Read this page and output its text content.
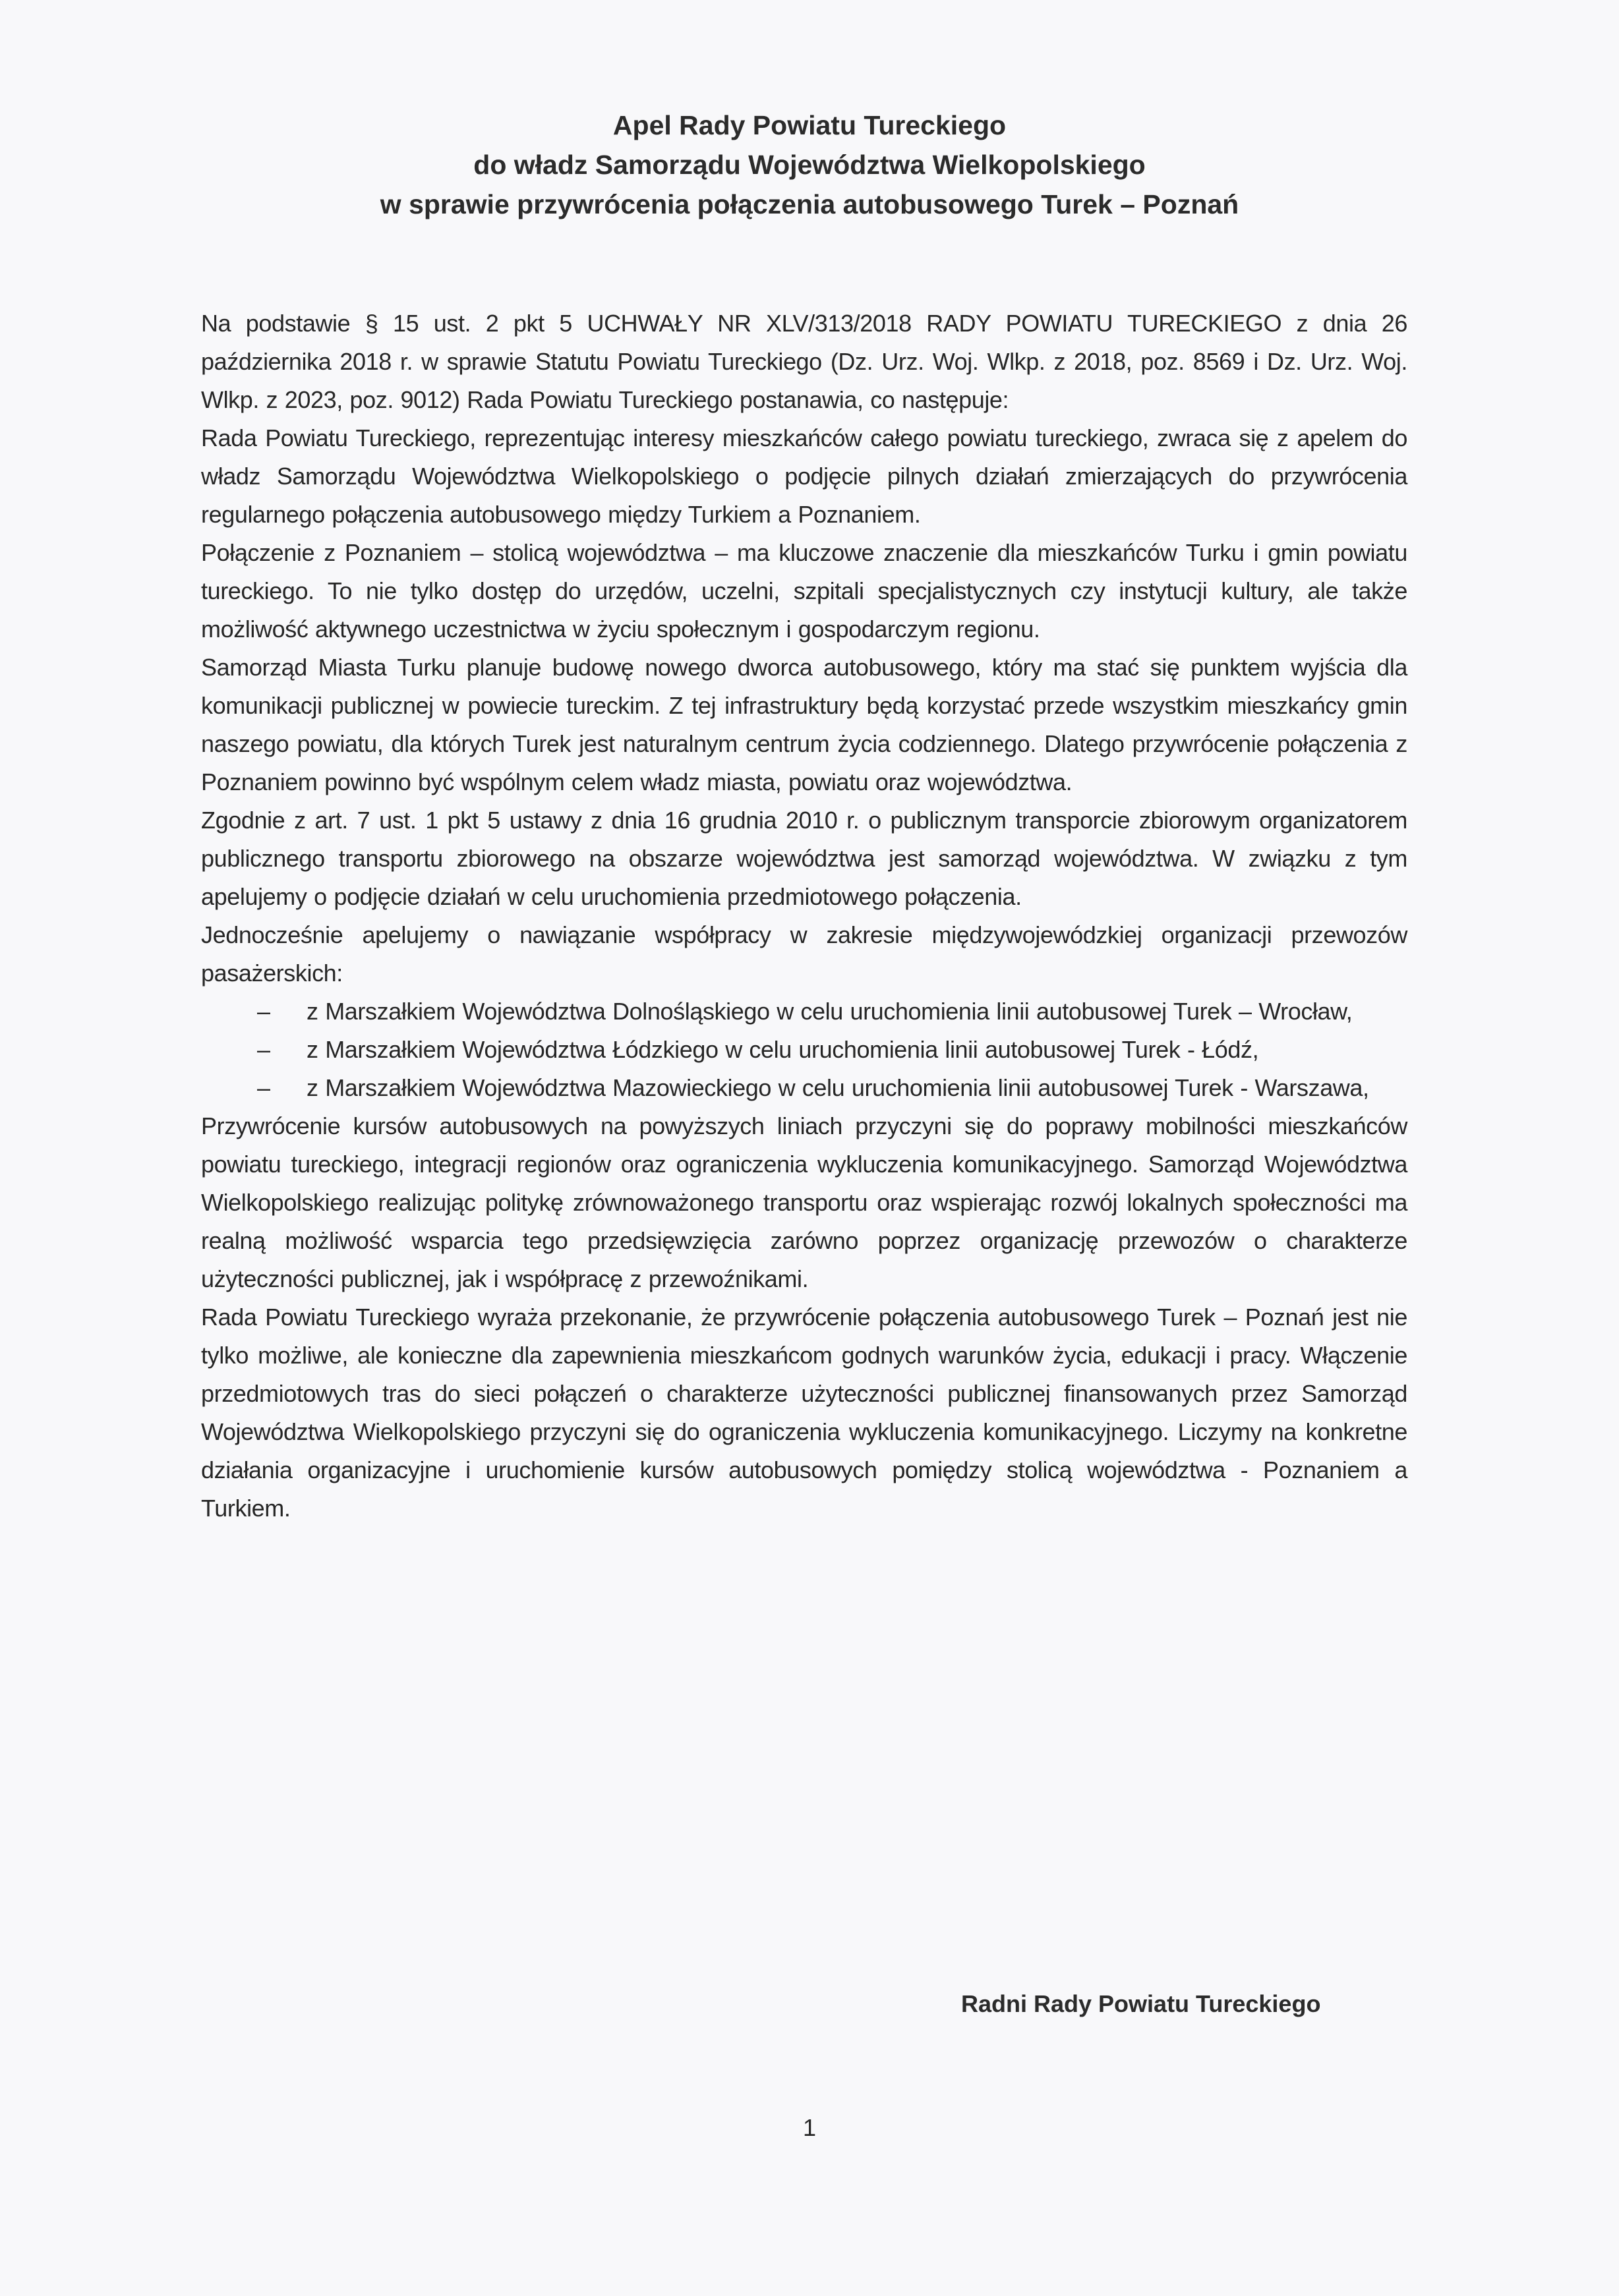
Apel Rady Powiatu Tureckiego
do władz Samorządu Województwa Wielkopolskiego
w sprawie przywrócenia połączenia autobusowego Turek – Poznań

Na podstawie § 15 ust. 2 pkt 5 UCHWAŁY NR XLV/313/2018 RADY POWIATU TURECKIEGO z dnia 26 października 2018 r. w sprawie Statutu Powiatu Tureckiego (Dz. Urz. Woj. Wlkp. z 2018, poz. 8569 i Dz. Urz. Woj. Wlkp. z 2023, poz. 9012) Rada Powiatu Tureckiego postanawia, co następuje:

Rada Powiatu Tureckiego, reprezentując interesy mieszkańców całego powiatu tureckiego, zwraca się z apelem do władz Samorządu Województwa Wielkopolskiego o podjęcie pilnych działań zmierzających do przywrócenia regularnego połączenia autobusowego między Turkiem a Poznaniem.

Połączenie z Poznaniem – stolicą województwa – ma kluczowe znaczenie dla mieszkańców Turku i gmin powiatu tureckiego. To nie tylko dostęp do urzędów, uczelni, szpitali specjalistycznych czy instytucji kultury, ale także możliwość aktywnego uczestnictwa w życiu społecznym i gospodarczym regionu.

Samorząd Miasta Turku planuje budowę nowego dworca autobusowego, który ma stać się punktem wyjścia dla komunikacji publicznej w powiecie tureckim. Z tej infrastruktury będą korzystać przede wszystkim mieszkańcy gmin naszego powiatu, dla których Turek jest naturalnym centrum życia codziennego. Dlatego przywrócenie połączenia z Poznaniem powinno być wspólnym celem władz miasta, powiatu oraz województwa.

Zgodnie z art. 7 ust. 1 pkt 5 ustawy z dnia 16 grudnia 2010 r. o publicznym transporcie zbiorowym organizatorem publicznego transportu zbiorowego na obszarze województwa jest samorząd województwa. W związku z tym apelujemy o podjęcie działań w celu uruchomienia przedmiotowego połączenia.

Jednocześnie apelujemy o nawiązanie współpracy w zakresie międzywojewódzkiej organizacji przewozów pasażerskich:

– z Marszałkiem Województwa Dolnośląskiego w celu uruchomienia linii autobusowej Turek – Wrocław,
– z Marszałkiem Województwa Łódzkiego w celu uruchomienia linii autobusowej Turek - Łódź,
– z Marszałkiem Województwa Mazowieckiego w celu uruchomienia linii autobusowej Turek - Warszawa,

Przywrócenie kursów autobusowych na powyższych liniach przyczyni się do poprawy mobilności mieszkańców powiatu tureckiego, integracji regionów oraz ograniczenia wykluczenia komunikacyjnego. Samorząd Województwa Wielkopolskiego realizując politykę zrównoważonego transportu oraz wspierając rozwój lokalnych społeczności ma realną możliwość wsparcia tego przedsięwzięcia zarówno poprzez organizację przewozów o charakterze użyteczności publicznej, jak i współpracę z przewoźnikami.

Rada Powiatu Tureckiego wyraża przekonanie, że przywrócenie połączenia autobusowego Turek – Poznań jest nie tylko możliwe, ale konieczne dla zapewnienia mieszkańcom godnych warunków życia, edukacji i pracy. Włączenie przedmiotowych tras do sieci połączeń o charakterze użyteczności publicznej finansowanych przez Samorząd Województwa Wielkopolskiego przyczyni się do ograniczenia wykluczenia komunikacyjnego. Liczymy na konkretne działania organizacyjne i uruchomienie kursów autobusowych pomiędzy stolicą województwa - Poznaniem a Turkiem.

Radni Rady Powiatu Tureckiego
1
